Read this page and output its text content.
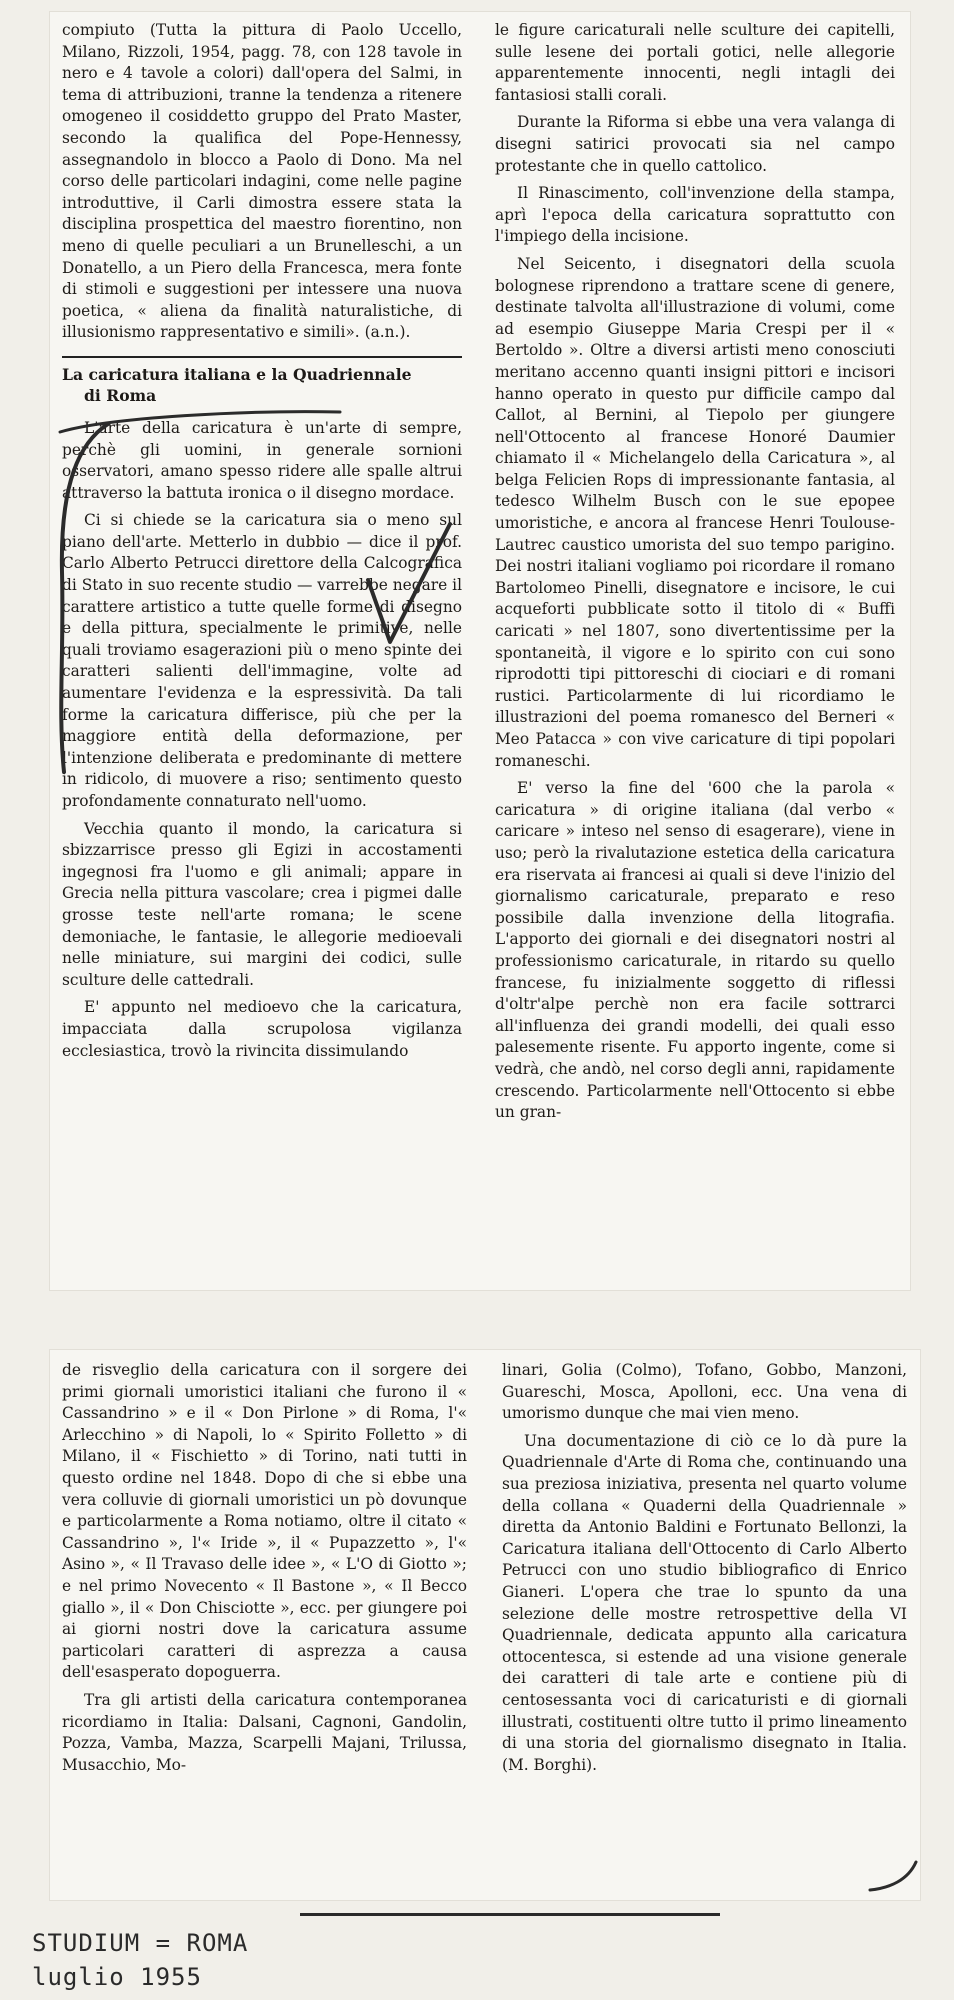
compiuto (Tutta la pittura di Paolo Uccello, Milano, Rizzoli, 1954, pagg. 78, con 128 tavole in nero e 4 tavole a colori) dall'opera del Salmi, in tema di attribuzioni, tranne la tendenza a ritenere omogeneo il cosiddetto gruppo del Prato Master, secondo la qualifica del Pope-Hennessy, assegnandolo in blocco a Paolo di Dono. Ma nel corso delle particolari indagini, come nelle pagine introduttive, il Carli dimostra essere stata la disciplina prospettica del maestro fiorentino, non meno di quelle peculiari a un Brunelleschi, a un Donatello, a un Piero della Francesca, mera fonte di stimoli e suggestioni per intessere una nuova poetica, « aliena da finalità naturalistiche, di illusionismo rappresentativo e simili». (a.n.).

La caricatura italiana e la Quadriennale
di Roma

L'arte della caricatura è un'arte di sempre, perchè gli uomini, in generale sornioni osservatori, amano spesso ridere alle spalle altrui attraverso la battuta ironica o il disegno mordace.

Ci si chiede se la caricatura sia o meno sul piano dell'arte. Metterlo in dubbio — dice il prof. Carlo Alberto Petrucci direttore della Calcografica di Stato in suo recente studio — varrebbe negare il carattere artistico a tutte quelle forme di disegno e della pittura, specialmente le primitive, nelle quali troviamo esagerazioni più o meno spinte dei caratteri salienti dell'immagine, volte ad aumentare l'evidenza e la espressività. Da tali forme la caricatura differisce, più che per la maggiore entità della deformazione, per l'intenzione deliberata e predominante di mettere in ridicolo, di muovere a riso; sentimento questo profondamente connaturato nell'uomo.

Vecchia quanto il mondo, la caricatura si sbizzarrisce presso gli Egizi in accostamenti ingegnosi fra l'uomo e gli animali; appare in Grecia nella pittura vascolare; crea i pigmei dalle grosse teste nell'arte romana; le scene demoniache, le fantasie, le allegorie medioevali nelle miniature, sui margini dei codici, sulle sculture delle cattedrali.

E' appunto nel medioevo che la caricatura, impacciata dalla scrupolosa vigilanza ecclesiastica, trovò la rivincita dissimulando

le figure caricaturali nelle sculture dei capitelli, sulle lesene dei portali gotici, nelle allegorie apparentemente innocenti, negli intagli dei fantasiosi stalli corali.

Durante la Riforma si ebbe una vera valanga di disegni satirici provocati sia nel campo protestante che in quello cattolico.

Il Rinascimento, coll'invenzione della stampa, aprì l'epoca della caricatura soprattutto con l'impiego della incisione.

Nel Seicento, i disegnatori della scuola bolognese riprendono a trattare scene di genere, destinate talvolta all'illustrazione di volumi, come ad esempio Giuseppe Maria Crespi per il « Bertoldo ». Oltre a diversi artisti meno conosciuti meritano accenno quanti insigni pittori e incisori hanno operato in questo pur difficile campo dal Callot, al Bernini, al Tiepolo per giungere nell'Ottocento al francese Honoré Daumier chiamato il « Michelangelo della Caricatura », al belga Felicien Rops di impressionante fantasia, al tedesco Wilhelm Busch con le sue epopee umoristiche, e ancora al francese Henri Toulouse-Lautrec caustico umorista del suo tempo parigino. Dei nostri italiani vogliamo poi ricordare il romano Bartolomeo Pinelli, disegnatore e incisore, le cui acqueforti pubblicate sotto il titolo di « Buffi caricati » nel 1807, sono divertentissime per la spontaneità, il vigore e lo spirito con cui sono riprodotti tipi pittoreschi di ciociari e di romani rustici. Particolarmente di lui ricordiamo le illustrazioni del poema romanesco del Berneri « Meo Patacca » con vive caricature di tipi popolari romaneschi.

E' verso la fine del '600 che la parola « caricatura » di origine italiana (dal verbo « caricare » inteso nel senso di esagerare), viene in uso; però la rivalutazione estetica della caricatura era riservata ai francesi ai quali si deve l'inizio del giornalismo caricaturale, preparato e reso possibile dalla invenzione della litografia. L'apporto dei giornali e dei disegnatori nostri al professionismo caricaturale, in ritardo su quello francese, fu inizialmente soggetto di riflessi d'oltr'alpe perchè non era facile sottrarci all'influenza dei grandi modelli, dei quali esso palesemente risente. Fu apporto ingente, come si vedrà, che andò, nel corso degli anni, rapidamente crescendo. Particolarmente nell'Ottocento si ebbe un gran-

de risveglio della caricatura con il sorgere dei primi giornali umoristici italiani che furono il « Cassandrino » e il « Don Pirlone » di Roma, l'« Arlecchino » di Napoli, lo « Spirito Folletto » di Milano, il « Fischietto » di Torino, nati tutti in questo ordine nel 1848. Dopo di che si ebbe una vera colluvie di giornali umoristici un pò dovunque e particolarmente a Roma notiamo, oltre il citato « Cassandrino », l'« Iride », il « Pupazzetto », l'« Asino », « Il Travaso delle idee », « L'O di Giotto »; e nel primo Novecento « Il Bastone », « Il Becco giallo », il « Don Chisciotte », ecc. per giungere poi ai giorni nostri dove la caricatura assume particolari caratteri di asprezza a causa dell'esasperato dopoguerra.

Tra gli artisti della caricatura contemporanea ricordiamo in Italia: Dalsani, Cagnoni, Gandolin, Pozza, Vamba, Mazza, Scarpelli Majani, Trilussa, Musacchio, Mo-

linari, Golia (Colmo), Tofano, Gobbo, Manzoni, Guareschi, Mosca, Apolloni, ecc. Una vena di umorismo dunque che mai vien meno.

Una documentazione di ciò ce lo dà pure la Quadriennale d'Arte di Roma che, continuando una sua preziosa iniziativa, presenta nel quarto volume della collana « Quaderni della Quadriennale » diretta da Antonio Baldini e Fortunato Bellonzi, la Caricatura italiana dell'Ottocento di Carlo Alberto Petrucci con uno studio bibliografico di Enrico Gianeri. L'opera che trae lo spunto da una selezione delle mostre retrospettive della VI Quadriennale, dedicata appunto alla caricatura ottocentesca, si estende ad una visione generale dei caratteri di tale arte e contiene più di centosessanta voci di caricaturisti e di giornali illustrati, costituenti oltre tutto il primo lineamento di una storia del giornalismo disegnato in Italia. (M. Borghi).

STUDIUM = ROMA
luglio 1955
